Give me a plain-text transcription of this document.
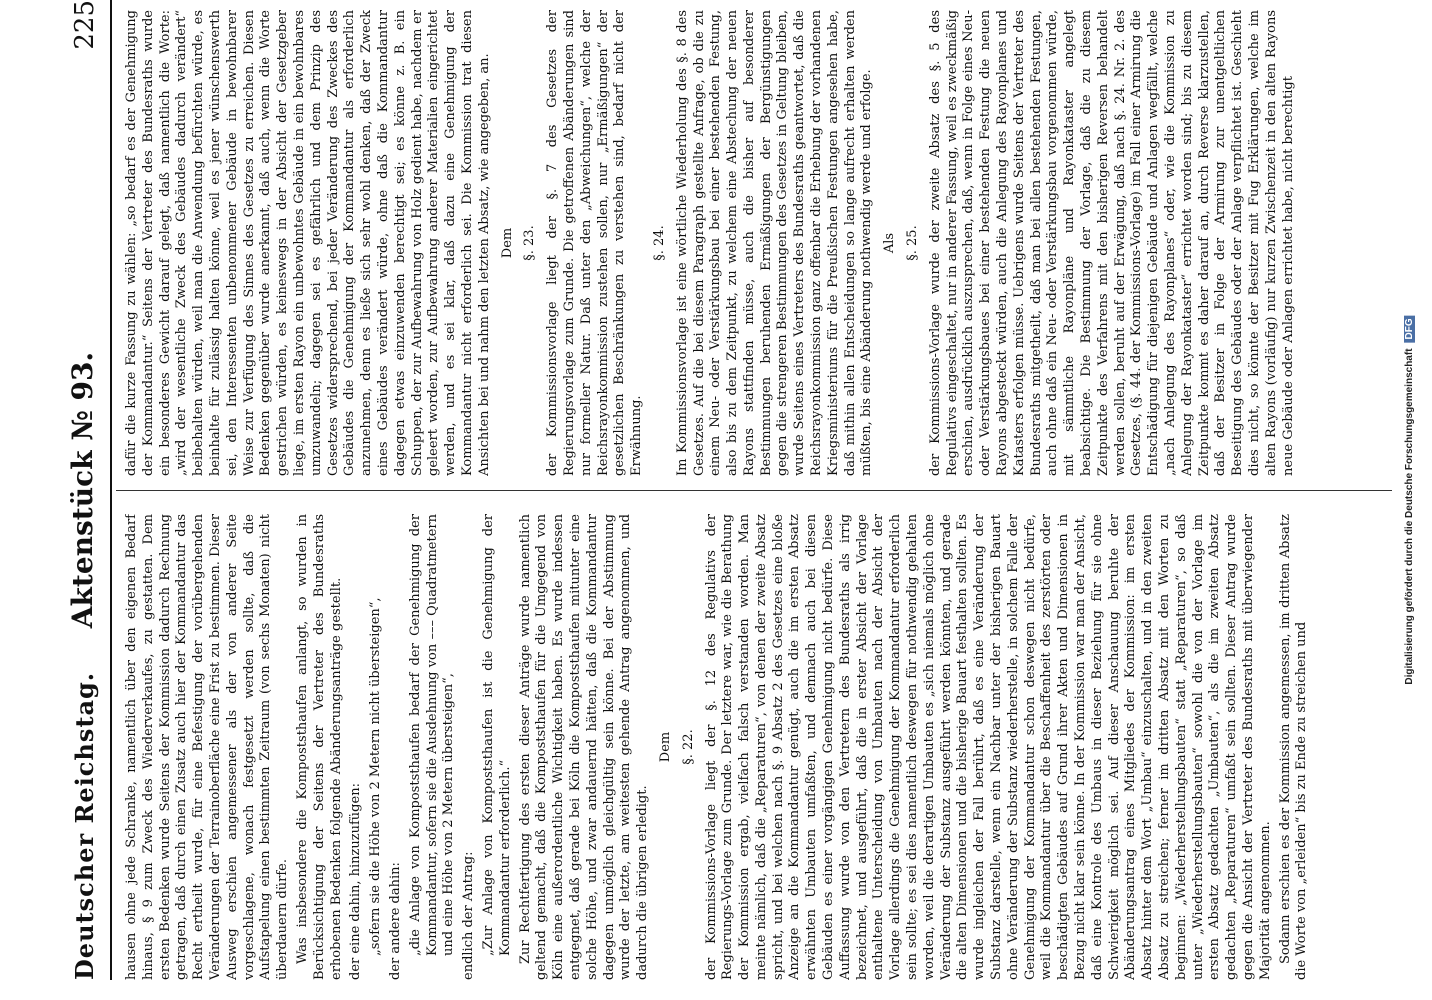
Deutscher Reichstag.
Aktenstück № 93.
225

hausen ohne jede Schranke, namentlich über den eigenen Bedarf hinaus, § 9 zum Zweck des Wiederverkaufes, zu gestatten. Dem ersten Bedenken wurde Seitens der Kommission dadurch Rechnung getragen, daß durch einen Zusatz auch hier der Kommandantur das Recht ertheilt wurde, für eine Befestigung der vorübergehenden Veränderungen der Terrainoberfläche eine Frist zu bestimmen. Dieser Ausweg erschien angemessener als der von anderer Seite vorgeschlagene, wonach festgesetzt werden sollte, daß die Aufstapelung einen bestimmten Zeitraum (von sechs Monaten) nicht überdauern dürfe. Was insbesondere die Kompoststhaufen anlangt, so wurden in Berücksichtigung der Seitens der Vertreter des Bundesraths erhobenen Bedenken folgende Abänderungsanträge gestellt. der eine dahin, hinzuzufügen: „sofern sie die Höhe von 2 Metern nicht übersteigen“, der andere dahin: „die Anlage von Kompoststhaufen bedarf der Genehmigung der Kommandantur, sofern sie die Ausdehnung von ––– Quadratmetern und eine Höhe von 2 Metern übersteigen“, endlich der Antrag: „Zur Anlage von Kompoststhaufen ist die Genehmigung der Kommandantur erforderlich.“ Zur Rechtfertigung des ersten dieser Anträge wurde namentlich geltend gemacht, daß die Kompoststhaufen für die Umgegend von Köln eine außerordentliche Wichtigkeit haben. Es wurde indessen entgegnet, daß gerade bei Köln die Kompoststhaufen mitunter eine solche Höhe, und zwar andauernd hätten, daß die Kommandantur dagegen unmöglich gleichgültig sein könne. Bei der Abstimmung wurde der letzte, am weitesten gehende Antrag angenommen, und dadurch die übrigen erledigt.

Dem §. 22. der Kommissions-Vorlage liegt der §. 12 des Regulativs der Regierungs-Vorlage zum Grunde. Der letztere war, wie die Berathung der Kommission ergab, vielfach falsch verstanden worden. Man meinte nämlich, daß die „Reparaturen“, von denen der zweite Absatz spricht, und bei welchen nach §. 9 Absatz 2 des Gesetzes eine bloße Anzeige an die Kommandantur genügt, auch die im ersten Absatz erwähnten Umbauten umfaßten, und demnach auch bei diesen Gebäuden es einer vorgängigen Genehmigung nicht bedürfe. Diese Auffassung wurde von den Vertretern des Bundesraths als irrig bezeichnet, und ausgeführt, daß die in erster Absicht der Vorlage enthaltene Unterscheidung von Umbauten nach der Absicht der Vorlage allerdings die Genehmigung der Kommandantur erforderlich sein sollte; es sei dies namentlich deswegen für nothwendig gehalten worden, weil die derartigen Umbauten es „sich niemals möglich ohne Veränderung der Substanz ausgeführt werden könnten, und gerade die alten Dimensionen und die bisherige Bauart festhalten sollten. Es wurde ingleichen der Fall berührt, daß es eine Veränderung der Substanz darstelle, wenn ein Nachbar unter der bisherigen Bauart ohne Veränderung der Substanz wiederherstelle, in solchem Falle der Genehmigung der Kommandantur schon deswegen nicht bedürfe, weil die Kommandantur über die Beschaffenheit des zerstörten oder beschädigten Gebäudes auf Grund ihrer Akten und Dimensionen in Bezug nicht klar sein könne. In der Kommission war man der Ansicht, daß eine Kontrole des Umbaus in dieser Beziehung für sie ohne Schwierigkeit möglich sei. Auf dieser Anschauung beruhte der Abänderungsantrag eines Mitgliedes der Kommission: im ersten Absatz hinter dem Wort „Umbau“ einzuschalten, und in den zweiten Absatz zu streichen; ferner im dritten Absatz mit den Worten zu beginnen: „Wiederherstellungsbauten“ statt „Reparaturen“, so daß unter „Wiederherstellungsbauten“ sowohl die von der Vorlage im ersten Absatz gedachten „Umbauten“, als die im zweiten Absatz gedachten „Reparaturen“ umfaßt sein sollten. Dieser Antrag wurde gegen die Ansicht der Vertreter des Bundesraths mit überwiegender Majorität angenommen. Sodann erschien es der Kommission angemessen, im dritten Absatz die Worte von „erleiden“ bis zu Ende zu streichen und

dafür die kurze Fassung zu wählen: „so bedarf es der Genehmigung der Kommandantur.“ Seitens der Vertreter des Bundesraths wurde ein besonderes Gewicht darauf gelegt, daß namentlich die Worte: „wird der wesentliche Zweck des Gebäudes dadurch verändert“ beibehalten würden, weil man die Anwendung befürchten würde, es beinhalte für zulässig halten könne, weil es jener wünschenswerth sei, den Interessenten unbenommener Gebäude in bewohnbarer Weise zur Verfügung des Sinnes des Gesetzes zu erreichen. Diesen Bedenken gegenüber wurde anerkannt, daß auch, wenn die Worte gestrichen würden, es keineswegs in der Absicht der Gesetzgeber liege, im ersten Rayon ein unbewohntes Gebäude in ein bewohnbares umzuwandeln; dagegen sei es gefährlich und dem Prinzip des Gesetzes widersprechend, bei jeder Veränderung des Zweckes des Gebäudes die Genehmigung der Kommandantur als erforderlich anzunehmen, denn es ließe sich sehr wohl denken, daß der Zweck eines Gebäudes verändert würde, ohne daß die Kommandantur dagegen etwas einzuwenden berechtigt sei; es könne z. B. ein Schuppen, der zur Aufbewahrung von Holz gedient habe, nachdem er geleert worden, zur Aufbewahrung anderer Materialien eingerichtet werden, und es sei klar, daß dazu eine Genehmigung der Kommandantur nicht erforderlich sei. Die Kommission trat diesen Ansichten bei und nahm den letzten Absatz, wie angegeben, an. Dem §. 23. der Kommissionsvorlage liegt der §. 7 des Gesetzes der Regierungsvorlage zum Grunde. Die getroffenen Abänderungen sind nur formeller Natur. Daß unter den „Abweichungen“, welche der Reichsrayonkommission zustehen sollen, nur „Ermäßigungen“ der gesetzlichen Beschränkungen zu verstehen sind, bedarf nicht der Erwähnung.

§. 24. Im Kommissionsvorlage ist eine wörtliche Wiederholung des §. 8 des Gesetzes. Auf die bei diesem Paragraph gestellte Anfrage, ob die zu einem Neu- oder Verstärkungsbau bei einer bestehenden Festung, also bis zu dem Zeitpunkt, zu welchem eine Abstechung der neuen Rayons stattfinden müsse, auch die bisher auf besonderer Bestimmungen beruhenden Ermäßigungen der Bergünstigungen gegen die strengeren Bestimmungen des Gesetzes in Geltung bleiben, wurde Seitens eines Vertreters des Bundesraths geantwortet, daß die Reichsrayonkommission ganz offenbar die Erhebung der vorhandenen Kriegsministeriums für die Preußischen Festungen angesehen habe, daß mithin allen Entscheidungen so lange aufrecht erhalten werden müßten, bis eine Abänderung nothwendig werde und erfolge. Als §. 25. der Kommissions-Vorlage wurde der zweite Absatz des §. 5 des Regulativs eingeschaltet, nur in anderer Fassung, weil es zweckmäßig erschien, ausdrücklich auszusprechen, daß, wenn in Folge eines Neu- oder Verstärkungsbaues bei einer bestehenden Festung die neuen Rayons abgesteckt würden, auch die Anlegung des Rayonplanes und Katasters erfolgen müsse. Uebrigens wurde Seitens der Vertreter des Bundesraths mitgetheilt, daß man bei allen bestehenden Festungen, auch ohne daß ein Neu- oder Verstärkungsbau vorgenommen würde, mit sämmtliche Rayonpläne und Rayonkataster angelegt beabsichtige. Die Bestimmung der Vorlage, daß die zu diesem Zeitpunkte des Verfahrens mit den bisherigen Reversen behandelt werden sollen, beruht auf der Erwägung, daß nach §. 24. Nr. 2. des Gesetzes, (§. 44. der Kommissions-Vorlage) im Fall einer Armirung die Entschädigung für diejenigen Gebäude und Anlagen wegfällt, welche „nach Anlegung des Rayonplanes“ oder, wie die Kommission zu Anlegung der Rayonkataster“ errichtet worden sind; bis zu diesem Zeitpunkte kommt es daher darauf an, durch Reverse klarzustellen, daß der Besitzer in Folge der Armirung zur unentgeltlichen Beseitigung des Gebäudes oder der Anlage verpflichtet ist. Geschieht dies nicht, so könnte der Besitzer mit Fug Erklärungen, welche im alten Rayons (vorläufig) nur kurzen Zwischenzeit in den alten Rayons neue Gebäude oder Anlagen errichtet habe, nicht berechtigt

Digitalisierung gefördert durch die Deutsche ForschungsgemeinschaftDFG
